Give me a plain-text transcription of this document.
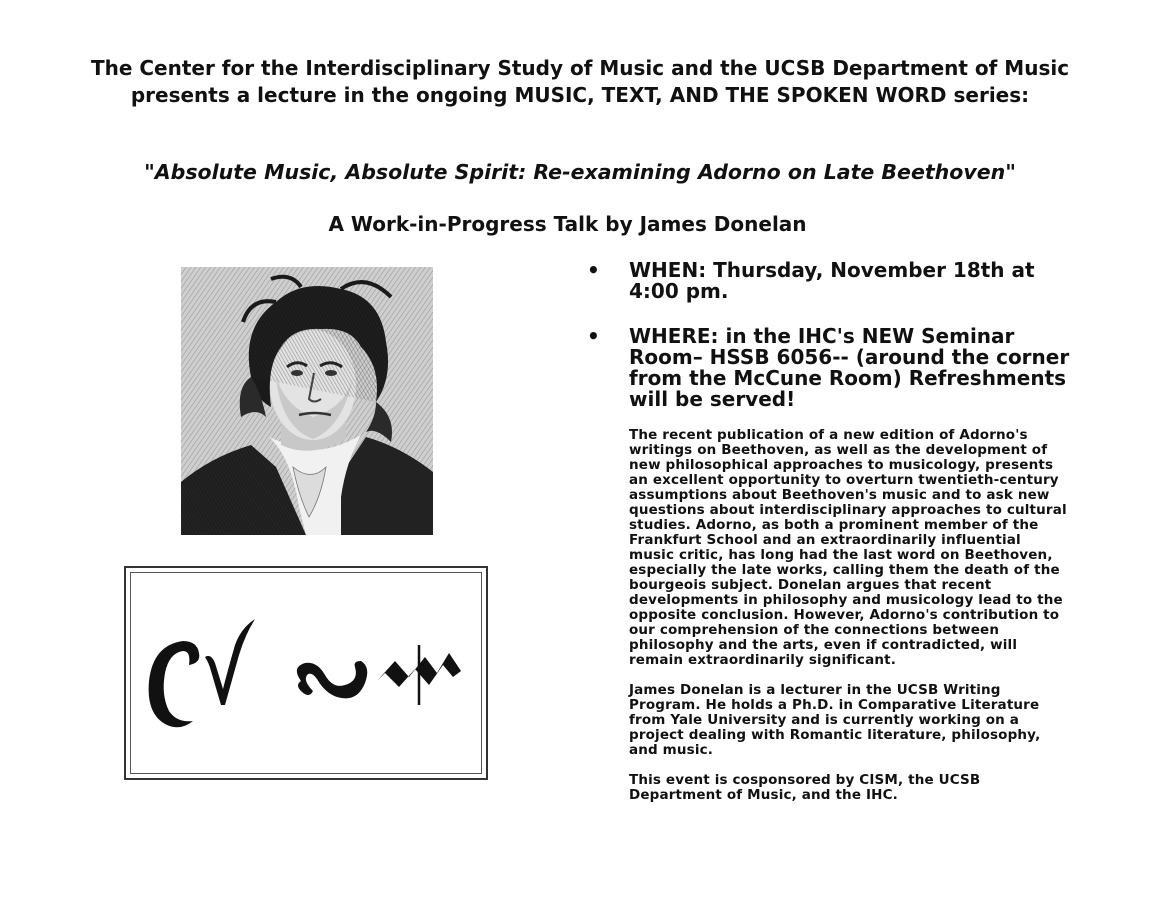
The Center for the Interdisciplinary Study of Music and the UCSB Department of Music presents a lecture in the ongoing MUSIC, TEXT, AND THE SPOKEN WORD series:
"Absolute Music, Absolute Spirit: Re-examining Adorno on Late Beethoven"
A Work-in-Progress Talk by James Donelan
• WHEN: Thursday, November 18th at 4:00 pm.
• WHERE: in the IHC's NEW Seminar Room– HSSB 6056-- (around the corner from the McCune Room) Refreshments will be served!

The recent publication of a new edition of Adorno's writings on Beethoven, as well as the development of new philosophical approaches to musicology, presents an excellent opportunity to overturn twentieth-century assumptions about Beethoven's music and to ask new questions about interdisciplinary approaches to cultural studies. Adorno, as both a prominent member of the Frankfurt School and an extraordinarily influential music critic, has long had the last word on Beethoven, especially the late works, calling them the death of the bourgeois subject. Donelan argues that recent developments in philosophy and musicology lead to the opposite conclusion. However, Adorno's contribution to our comprehension of the connections between philosophy and the arts, even if contradicted, will remain extraordinarily significant.

James Donelan is a lecturer in the UCSB Writing Program. He holds a Ph.D. in Comparative Literature from Yale University and is currently working on a project dealing with Romantic literature, philosophy, and music.

This event is cosponsored by CISM, the UCSB Department of Music, and the IHC.
